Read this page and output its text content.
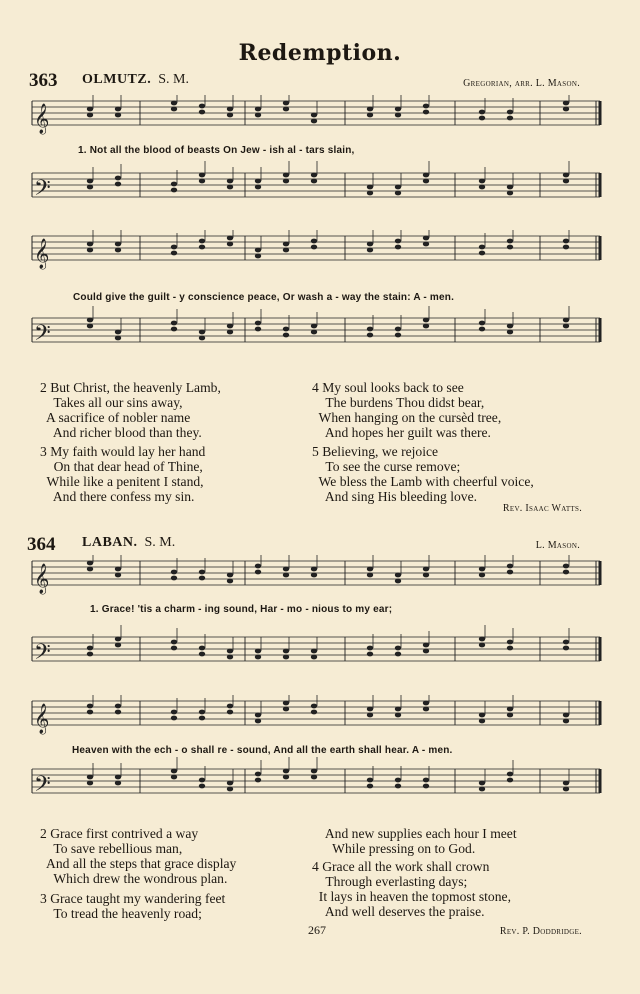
Redemption.
363 OLMUTZ. S. M.	Gregorian, arr. L. Mason.
𝄞
𝄢
1. Not all the blood of beasts On Jew - ish al - tars slain,
𝄞
𝄢
Could give the guilt - y conscience peace, Or wash a - way the stain: A - men.
2 But Christ, the heavenly Lamb,
Takes all our sins away,
A sacrifice of nobler name
And richer blood than they.
3 My faith would lay her hand
On that dear head of Thine,
While like a penitent I stand,
And there confess my sin.
4 My soul looks back to see
The burdens Thou didst bear,
When hanging on the cursèd tree,
And hopes her guilt was there.
5 Believing, we rejoice
To see the curse remove;
We bless the Lamb with cheerful voice,
And sing His bleeding love.
Rev. Isaac Watts.
364 LABAN. S. M.	L. Mason.
𝄞
𝄢
1. Grace! 'tis a charm - ing sound, Har - mo - nious to my ear;
𝄞
𝄢
Heaven with the ech - o shall re - sound, And all the earth shall hear. A - men.
2 Grace first contrived a way
To save rebellious man,
And all the steps that grace display
Which drew the wondrous plan.
3 Grace taught my wandering feet
To tread the heavenly road;
And new supplies each hour I meet
While pressing on to God.
4 Grace all the work shall crown
Through everlasting days;
It lays in heaven the topmost stone,
And well deserves the praise.
267	Rev. P. Doddridge.
